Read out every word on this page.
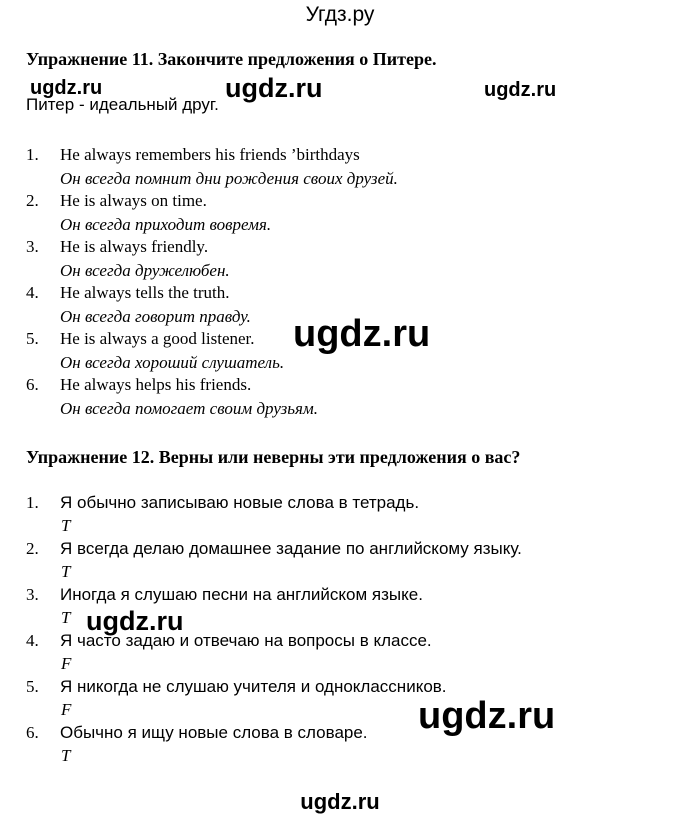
Угдз.ру
Упражнение 11. Закончите предложения о Питере.
Питер - идеальный друг.
1. He always remembers his friends ’birthdays
Он всегда помнит дни рождения своих друзей.
2. He is always on time.
Он всегда приходит вовремя.
3. He is always friendly.
Он всегда дружелюбен.
4. He always tells the truth.
Он всегда говорит правду.
5. He is always a good listener.
Он всегда хороший слушатель.
6. He always helps his friends.
Он всегда помогает своим друзьям.
Упражнение 12. Верны или неверны эти предложения о вас?
1. Я обычно записываю новые слова в тетрадь.
T
2. Я всегда делаю домашнее задание по английскому языку.
T
3. Иногда я слушаю песни на английском языке.
T
4. Я часто задаю и отвечаю на вопросы в классе.
F
5. Я никогда не слушаю учителя и одноклассников.
F
6. Обычно я ищу новые слова в словаре.
T
ugdz.ru	ugdz.ru	ugdz.ru
ugdz.ru
ugdz.ru
ugdz.ru
ugdz.ru
